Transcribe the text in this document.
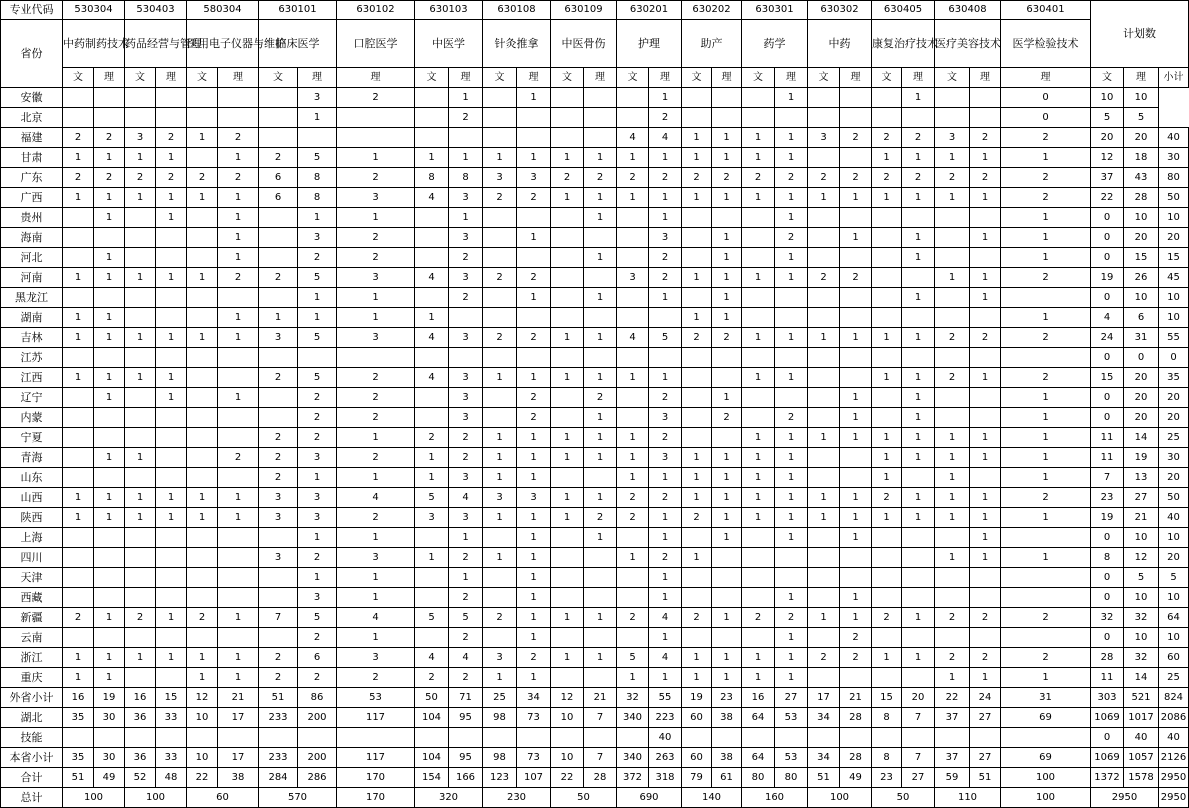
专业代码	530304		530403		580304		630101		630102	630103		630108		630109		630201		630202		630301		630302		630405		630408		630401	计划数		
省份	中药制药技术		药品经营与管理		医用电子仪器与维护		临床医学		口腔医学	中医学		针灸推拿		中医骨伤		护理		助产		药学		中药		康复治疗技术		医疗美容技术		医学检验技术			
	文	理	文	理	文	理	文	理	理	文	理	文	理	文	理	文	理	文	理	文	理	文	理	文	理	文	理	理	文	理	小计
安徽								3	2		1		1				1				1				1			0	10	10	
北京								1			2						2											0	5	5	
福建	2	2	3	2	1	2										4	4	1	1	1	1	3	2	2	2	3	2	2	20	20	40
甘肃	1	1	1	1		1	2	5	1	1	1	1	1	1	1	1	1	1	1	1	1			1	1	1	1	1	12	18	30
广东	2	2	2	2	2	2	6	8	2	8	8	3	3	2	2	2	2	2	2	2	2	2	2	2	2	2	2	2	37	43	80
广西	1	1	1	1	1	1	6	8	3	4	3	2	2	1	1	1	1	1	1	1	1	1	1	1	1	1	1	2	22	28	50
贵州		1		1		1		1	1		1				1		1				1							1	0	10	10
海南						1		3	2		3		1				3		1		2		1		1		1	1	0	20	20
河北		1				1		2	2		2				1		2		1		1				1			1	0	15	15
河南	1	1	1	1	1	2	2	5	3	4	3	2	2			3	2	1	1	1	1	2	2			1	1	2	19	26	45
黑龙江								1	1		2		1		1		1		1						1		1		0	10	10
湖南	1	1				1	1	1	1	1								1	1									1	4	6	10
吉林	1	1	1	1	1	1	3	5	3	4	3	2	2	1	1	4	5	2	2	1	1	1	1	1	1	2	2	2	24	31	55
江苏																													0	0	0
江西	1	1	1	1			2	5	2	4	3	1	1	1	1	1	1			1	1			1	1	2	1	2	15	20	35
辽宁		1		1		1		2	2		3		2		2		2		1				1		1			1	0	20	20
内蒙								2	2		3		2		1		3		2		2		1		1			1	0	20	20
宁夏							2	2	1	2	2	1	1	1	1	1	2			1	1	1	1	1	1	1	1	1	11	14	25
青海		1	1			2	2	3	2	1	2	1	1	1	1	1	3	1	1	1	1			1	1	1	1	1	11	19	30
山东							2	1	1	1	3	1	1			1	1	1	1	1	1			1		1		1	7	13	20
山西	1	1	1	1	1	1	3	3	4	5	4	3	3	1	1	2	2	1	1	1	1	1	1	2	1	1	1	2	23	27	50
陕西	1	1	1	1	1	1	3	3	2	3	3	1	1	1	2	2	1	2	1	1	1	1	1	1	1	1	1	1	19	21	40
上海								1	1		1		1		1		1		1		1		1				1		0	10	10
四川							3	2	3	1	2	1	1			1	2	1								1	1	1	8	12	20
天津								1	1		1		1				1												0	5	5
西藏								3	1		2		1				1				1		1						0	10	10
新疆	2	1	2	1	2	1	7	5	4	5	5	2	1	1	1	2	4	2	1	2	2	1	1	2	1	2	2	2	32	32	64
云南								2	1		2		1				1				1		2						0	10	10
浙江	1	1	1	1	1	1	2	6	3	4	4	3	2	1	1	5	4	1	1	1	1	2	2	1	1	2	2	2	28	32	60
重庆	1	1			1	1	2	2	2	2	2	1	1			1	1	1	1	1	1					1	1	1	11	14	25
外省小计	16	19	16	15	12	21	51	86	53	50	71	25	34	12	21	32	55	19	23	16	27	17	21	15	20	22	24	31	303	521	824
湖北	35	30	36	33	10	17	233	200	117	104	95	98	73	10	7	340	223	60	38	64	53	34	28	8	7	37	27	69	1069	1017	2086
技能																	40												0	40	40
本省小计	35	30	36	33	10	17	233	200	117	104	95	98	73	10	7	340	263	60	38	64	53	34	28	8	7	37	27	69	1069	1057	2126
合计	51	49	52	48	22	38	284	286	170	154	166	123	107	22	28	372	318	79	61	80	80	51	49	23	27	59	51	100	1372	1578	2950
总计	100		100		60		570		170	320		230		50		690		140		160		100		50		110		100	2950		2950
